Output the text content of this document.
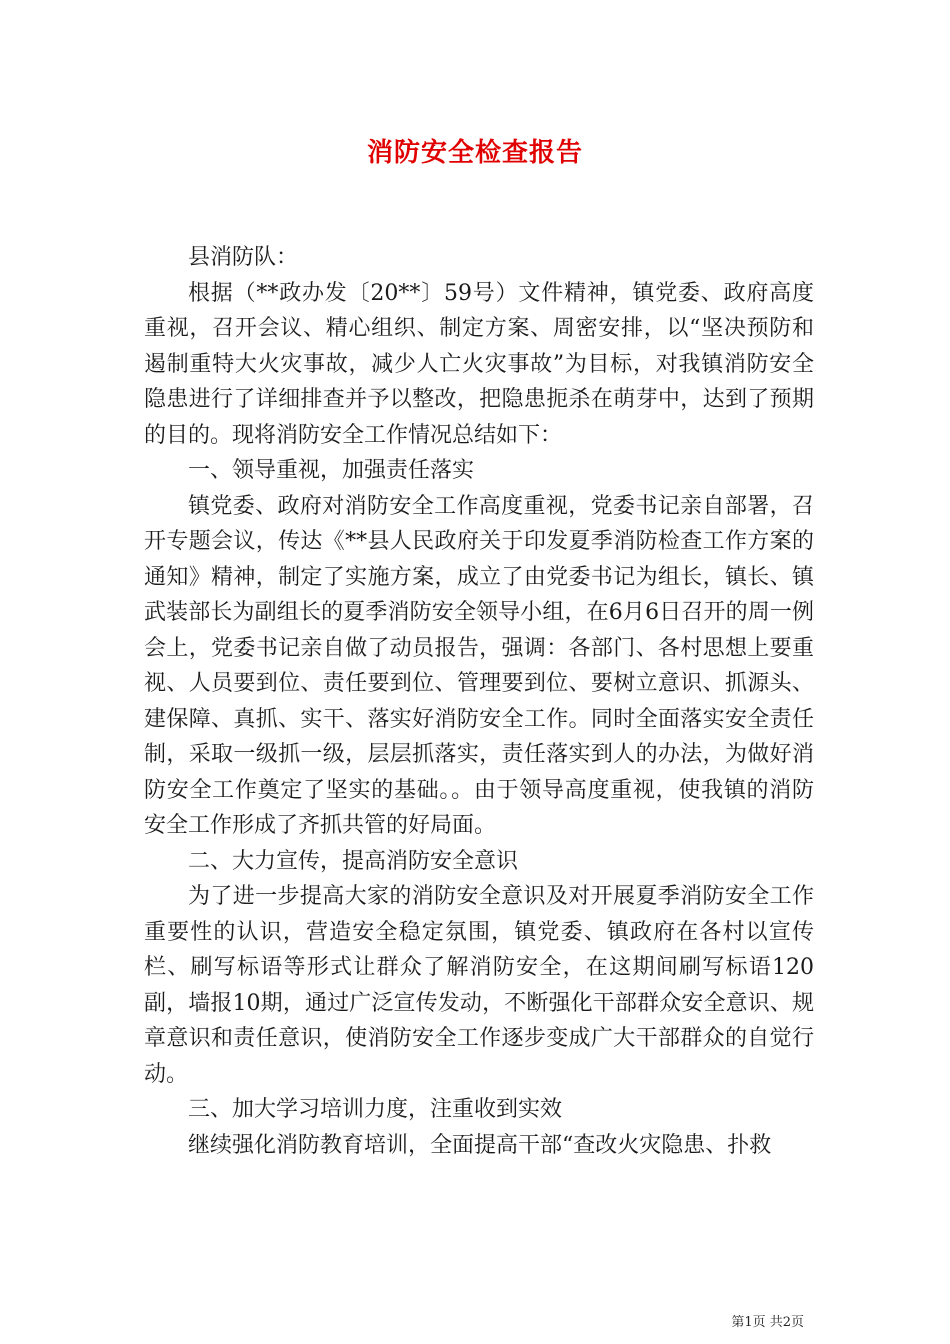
消防安全检查报告

县消防队：

根据（**政办发〔20**〕59号）文件精神，镇党委、政府高度重视，召开会议、精心组织、制定方案、周密安排，以“坚决预防和遏制重特大火灾事故，减少人亡火灾事故”为目标，对我镇消防安全隐患进行了详细排查并予以整改，把隐患扼杀在萌芽中，达到了预期的目的。现将消防安全工作情况总结如下：

一、领导重视，加强责任落实

镇党委、政府对消防安全工作高度重视，党委书记亲自部署，召开专题会议，传达《**县人民政府关于印发夏季消防检查工作方案的通知》精神，制定了实施方案，成立了由党委书记为组长，镇长、镇武装部长为副组长的夏季消防安全领导小组，在6月6日召开的周一例会上，党委书记亲自做了动员报告，强调：各部门、各村思想上要重视、人员要到位、责任要到位、管理要到位、要树立意识、抓源头、建保障、真抓、实干、落实好消防安全工作。同时全面落实安全责任制，采取一级抓一级，层层抓落实，责任落实到人的办法，为做好消防安全工作奠定了坚实的基础。。由于领导高度重视，使我镇的消防安全工作形成了齐抓共管的好局面。

二、大力宣传，提高消防安全意识

为了进一步提高大家的消防安全意识及对开展夏季消防安全工作重要性的认识，营造安全稳定氛围，镇党委、镇政府在各村以宣传栏、刷写标语等形式让群众了解消防安全，在这期间刷写标语120副，墙报10期，通过广泛宣传发动，不断强化干部群众安全意识、规章意识和责任意识，使消防安全工作逐步变成广大干部群众的自觉行动。

三、加大学习培训力度，注重收到实效

继续强化消防教育培训，全面提高干部“查改火灾隐患、扑救

第1页 共2页
